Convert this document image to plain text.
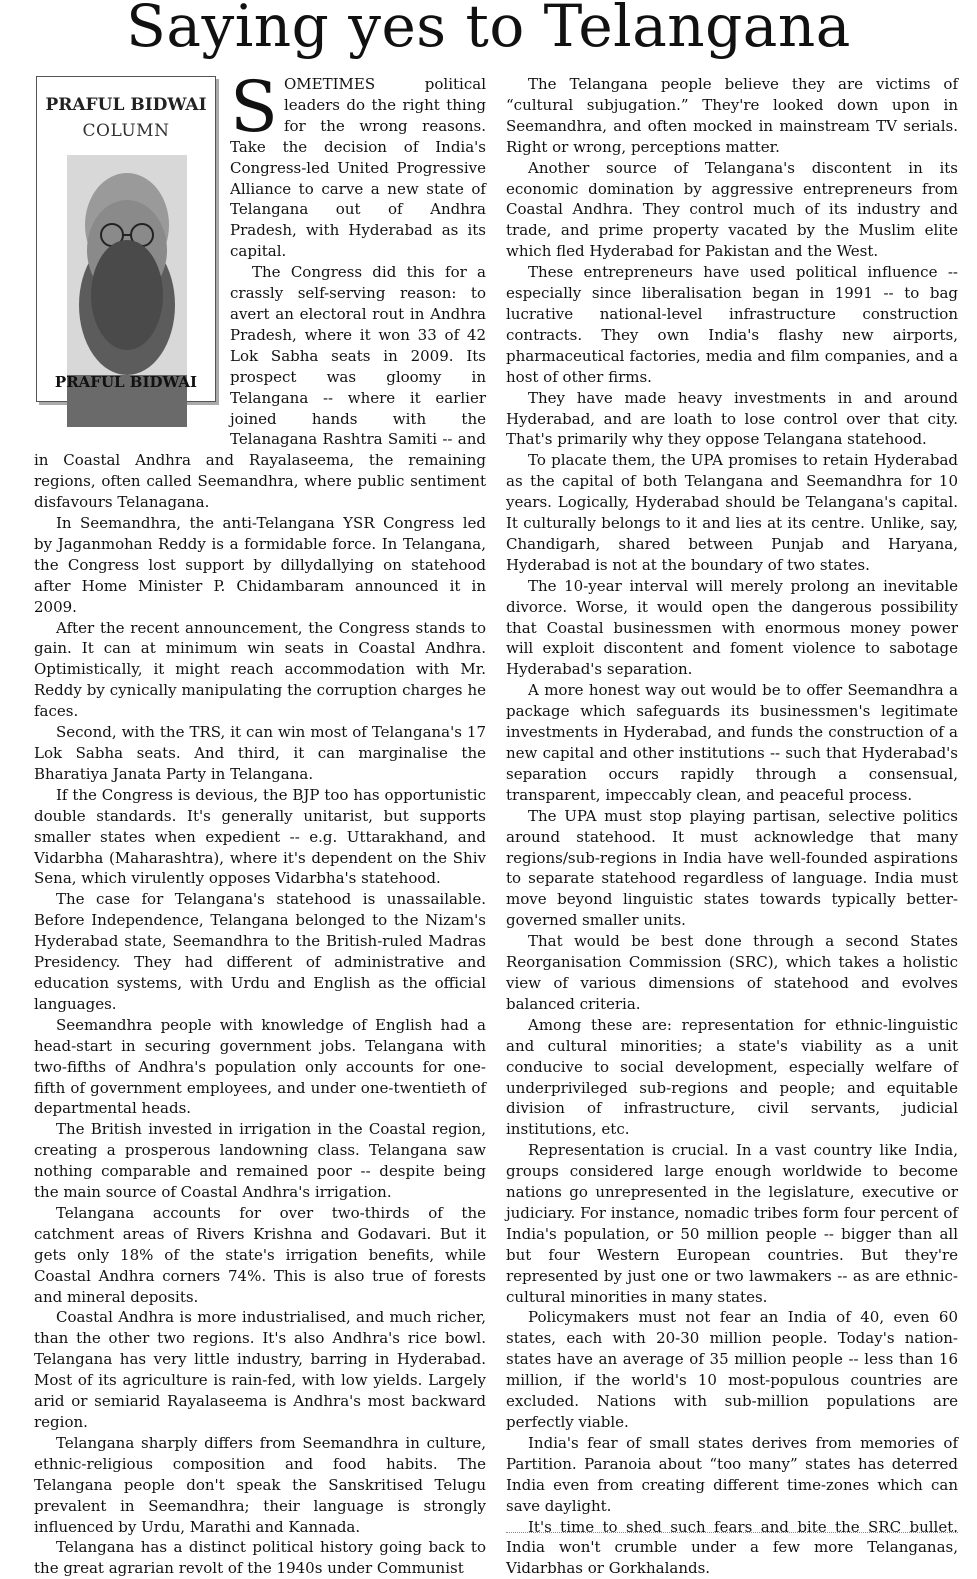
Saying yes to Telangana
PRAFUL BIDWAI
COLUMN
PRAFUL BIDWAI

SOMETIMES political leaders do the right thing for the wrong reasons. Take the decision of India's Congress-led United Progressive Alliance to carve a new state of Telangana out of Andhra Pradesh, with Hyderabad as its capital.

The Congress did this for a crassly self-serving reason: to avert an electoral rout in Andhra Pradesh, where it won 33 of 42 Lok Sabha seats in 2009. Its prospect was gloomy in Telangana -- where it earlier joined hands with the Telanagana Rashtra Samiti -- and in Coastal Andhra and Rayalaseema, the remaining regions, often called Seemandhra, where public sentiment disfavours Telanagana.

In Seemandhra, the anti-Telangana YSR Congress led by Jaganmohan Reddy is a formidable force. In Telangana, the Congress lost support by dillydallying on statehood after Home Minister P. Chidambaram announced it in 2009.

After the recent announcement, the Congress stands to gain. It can at minimum win seats in Coastal Andhra. Optimistically, it might reach accommodation with Mr. Reddy by cynically manipulating the corruption charges he faces.

Second, with the TRS, it can win most of Telangana's 17 Lok Sabha seats. And third, it can marginalise the Bharatiya Janata Party in Telangana.

If the Congress is devious, the BJP too has opportunistic double standards. It's generally unitarist, but supports smaller states when expedient -- e.g. Uttarakhand, and Vidarbha (Maharashtra), where it's dependent on the Shiv Sena, which virulently opposes Vidarbha's statehood.

The case for Telangana's statehood is unassailable. Before Independence, Telangana belonged to the Nizam's Hyderabad state, Seemandhra to the British-ruled Madras Presidency. They had different of administrative and education systems, with Urdu and English as the official languages.

Seemandhra people with knowledge of English had a head-start in securing government jobs. Telangana with two-fifths of Andhra's population only accounts for one-fifth of government employees, and under one-twentieth of departmental heads.

The British invested in irrigation in the Coastal region, creating a prosperous landowning class. Telangana saw nothing comparable and remained poor -- despite being the main source of Coastal Andhra's irrigation.

Telangana accounts for over two-thirds of the catchment areas of Rivers Krishna and Godavari. But it gets only 18% of the state's irrigation benefits, while Coastal Andhra corners 74%. This is also true of forests and mineral deposits.

Coastal Andhra is more industrialised, and much richer, than the other two regions. It's also Andhra's rice bowl. Telangana has very little industry, barring in Hyderabad. Most of its agriculture is rain-fed, with low yields. Largely arid or semiarid Rayalaseema is Andhra's most backward region.

Telangana sharply differs from Seemandhra in culture, ethnic-religious composition and food habits. The Telangana people don't speak the Sanskritised Telugu prevalent in Seemandhra; their language is strongly influenced by Urdu, Marathi and Kannada.

Telangana has a distinct political history going back to the great agrarian revolt of the 1940s under Communist

The Telangana people believe they are victims of “cultural subjugation.” They're looked down upon in Seemandhra, and often mocked in mainstream TV serials. Right or wrong, perceptions matter.

Another source of Telangana's discontent in its economic domination by aggressive entrepreneurs from Coastal Andhra. They control much of its industry and trade, and prime property vacated by the Muslim elite which fled Hyderabad for Pakistan and the West.

These entrepreneurs have used political influence -- especially since liberalisation began in 1991 -- to bag lucrative national-level infrastructure construction contracts. They own India's flashy new airports, pharmaceutical factories, media and film companies, and a host of other firms.

They have made heavy investments in and around Hyderabad, and are loath to lose control over that city. That's primarily why they oppose Telangana statehood.

To placate them, the UPA promises to retain Hyderabad as the capital of both Telangana and Seemandhra for 10 years. Logically, Hyderabad should be Telangana's capital. It culturally belongs to it and lies at its centre. Unlike, say, Chandigarh, shared between Punjab and Haryana, Hyderabad is not at the boundary of two states.

The 10-year interval will merely prolong an inevitable divorce. Worse, it would open the dangerous possibility that Coastal businessmen with enormous money power will exploit discontent and foment violence to sabotage Hyderabad's separation.

A more honest way out would be to offer Seemandhra a package which safeguards its businessmen's legitimate investments in Hyderabad, and funds the construction of a new capital and other institutions -- such that Hyderabad's separation occurs rapidly through a consensual, transparent, impeccably clean, and peaceful process.

The UPA must stop playing partisan, selective politics around statehood. It must acknowledge that many regions/sub-regions in India have well-founded aspirations to separate statehood regardless of language. India must move beyond linguistic states towards typically better-governed smaller units.

That would be best done through a second States Reorganisation Commission (SRC), which takes a holistic view of various dimensions of statehood and evolves balanced criteria.

Among these are: representation for ethnic-linguistic and cultural minorities; a state's viability as a unit conducive to social development, especially welfare of underprivileged sub-regions and people; and equitable division of infrastructure, civil servants, judicial institutions, etc.

Representation is crucial. In a vast country like India, groups considered large enough worldwide to become nations go unrepresented in the legislature, executive or judiciary. For instance, nomadic tribes form four percent of India's population, or 50 million people -- bigger than all but four Western European countries. But they're represented by just one or two lawmakers -- as are ethnic-cultural minorities in many states.

Policymakers must not fear an India of 40, even 60 states, each with 20-30 million people. Today's nation-states have an average of 35 million people -- less than 16 million, if the world's 10 most-populous countries are excluded. Nations with sub-million populations are perfectly viable.

India's fear of small states derives from memories of Partition. Paranoia about “too many” states has deterred India even from creating different time-zones which can save daylight.

It's time to shed such fears and bite the SRC bullet. India won't crumble under a few more Telanganas, Vidarbhas or Gorkhalands.
